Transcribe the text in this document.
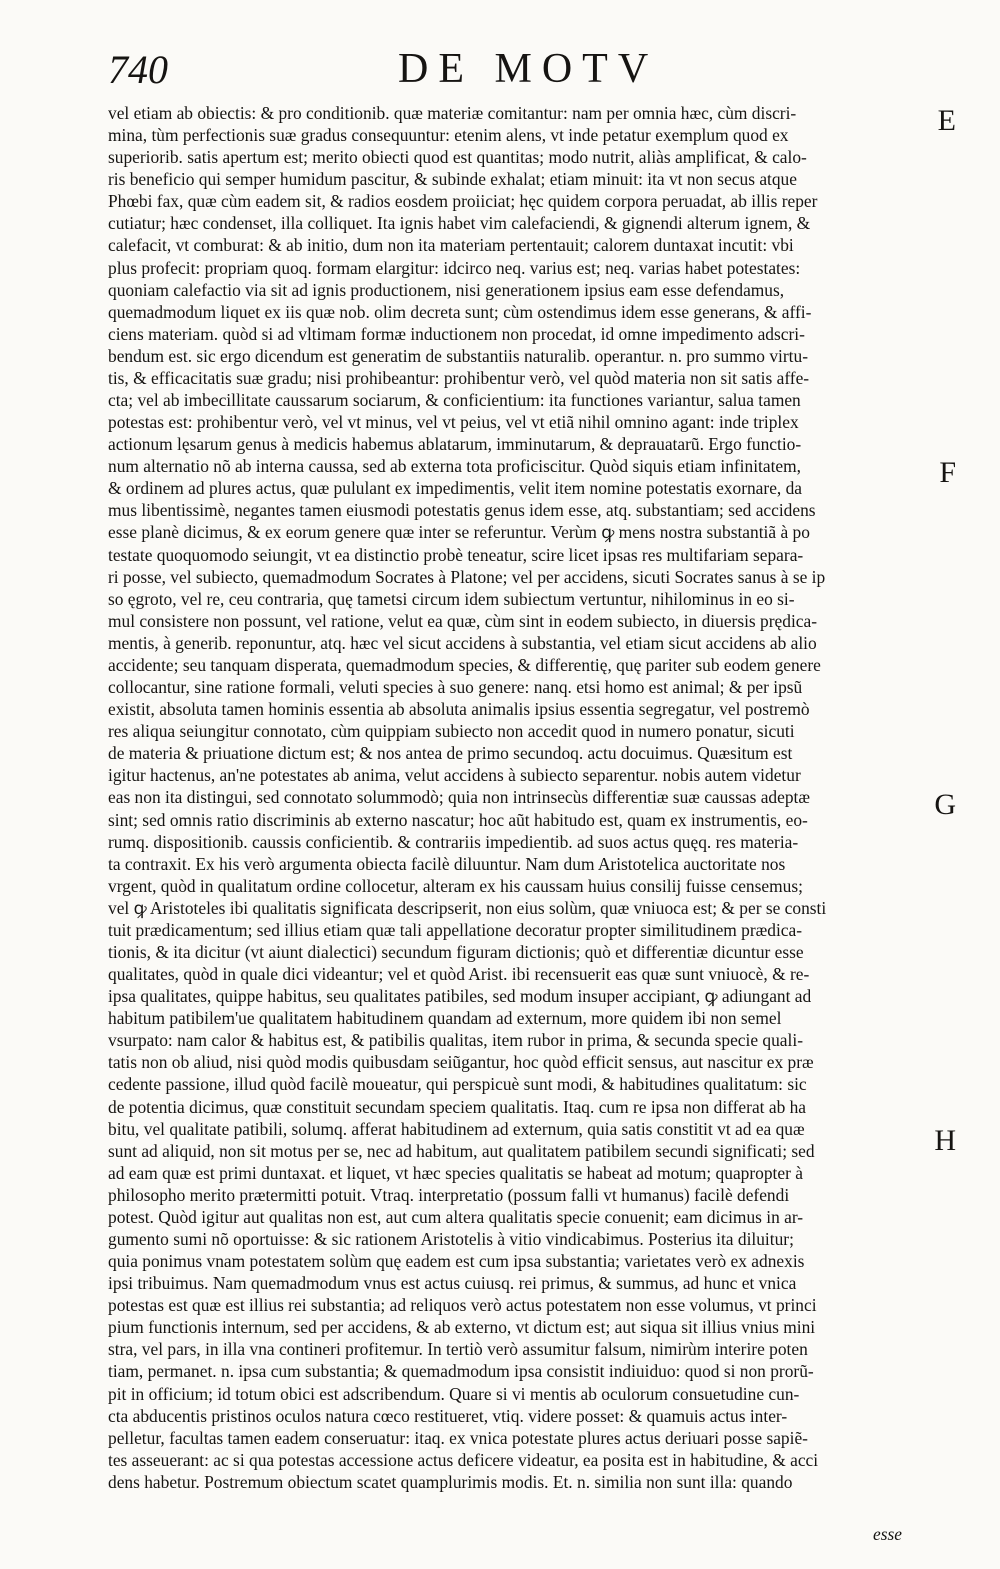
740	DE MOTV
vel etiam ab obiectis: & pro conditionib. quæ materiæ comitantur: nam per omnia hæc, cùm discri-
mina, tùm perfectionis suæ gradus consequuntur: etenim alens, vt inde petatur exemplum quod ex
superiorib. satis apertum est; merito obiecti quod est quantitas; modo nutrit, aliàs amplificat, & calo-
ris beneficio qui semper humidum pascitur, & subinde exhalat; etiam minuit: ita vt non secus atque
Phœbi fax, quæ cùm eadem sit, & radios eosdem proiiciat; hęc quidem corpora peruadat, ab illis reper
cutiatur; hæc condenset, illa colliquet. Ita ignis habet vim calefaciendi, & gignendi alterum ignem, &
calefacit, vt comburat: & ab initio, dum non ita materiam pertentauit; calorem duntaxat incutit: vbi
plus profecit: propriam quoq. formam elargitur: idcirco neq. varius est; neq. varias habet potestates:
quoniam calefactio via sit ad ignis productionem, nisi generationem ipsius eam esse defendamus,
quemadmodum liquet ex iis quæ nob. olim decreta sunt; cùm ostendimus idem esse generans, & affi-
ciens materiam. quòd si ad vltimam formæ inductionem non procedat, id omne impedimento adscri-
bendum est. sic ergo dicendum est generatim de substantiis naturalib. operantur. n. pro summo virtu-
tis, & efficacitatis suæ gradu; nisi prohibeantur: prohibentur verò, vel quòd materia non sit satis affe-
cta; vel ab imbecillitate caussarum sociarum, & conficientium: ita functiones variantur, salua tamen
potestas est: prohibentur verò, vel vt minus, vel vt peius, vel vt etiã nihil omnino agant: inde triplex
actionum lęsarum genus à medicis habemus ablatarum, imminutarum, & deprauatarũ. Ergo functio-
num alternatio nõ ab interna caussa, sed ab externa tota proficiscitur. Quòd siquis etiam infinitatem,
& ordinem ad plures actus, quæ pululant ex impedimentis, velit item nomine potestatis exornare, da
mus libentissimè, negantes tamen eiusmodi potestatis genus idem esse, atq. substantiam; sed accidens
esse planè dicimus, & ex eorum genere quæ inter se referuntur. Verùm ꝙ mens nostra substantiã à po
testate quoquomodo seiungit, vt ea distinctio probè teneatur, scire licet ipsas res multifariam separa-
ri posse, vel subiecto, quemadmodum Socrates à Platone; vel per accidens, sicuti Socrates sanus à se ip
so ęgroto, vel re, ceu contraria, quę tametsi circum idem subiectum vertuntur, nihilominus in eo si-
mul consistere non possunt, vel ratione, velut ea quæ, cùm sint in eodem subiecto, in diuersis prędica-
mentis, à generib. reponuntur, atq. hæc vel sicut accidens à substantia, vel etiam sicut accidens ab alio
accidente; seu tanquam disperata, quemadmodum species, & differentię, quę pariter sub eodem genere
collocantur, sine ratione formali, veluti species à suo genere: nanq. etsi homo est animal; & per ipsũ
existit, absoluta tamen hominis essentia ab absoluta animalis ipsius essentia segregatur, vel postremò
res aliqua seiungitur connotato, cùm quippiam subiecto non accedit quod in numero ponatur, sicuti
de materia & priuatione dictum est; & nos antea de primo secundoq. actu docuimus. Quæsitum est
igitur hactenus, an'ne potestates ab anima, velut accidens à subiecto separentur. nobis autem videtur
eas non ita distingui, sed connotato solummodò; quia non intrinsecùs differentiæ suæ caussas adeptæ
sint; sed omnis ratio discriminis ab externo nascatur; hoc aũt habitudo est, quam ex instrumentis, eo-
rumq. dispositionib. caussis conficientib. & contrariis impedientib. ad suos actus quęq. res materia-
ta contraxit. Ex his verò argumenta obiecta facilè diluuntur. Nam dum Aristotelica auctoritate nos
vrgent, quòd in qualitatum ordine collocetur, alteram ex his caussam huius consilij fuisse censemus;
vel ꝙ Aristoteles ibi qualitatis significata descripserit, non eius solùm, quæ vniuoca est; & per se consti
tuit prædicamentum; sed illius etiam quæ tali appellatione decoratur propter similitudinem prædica-
tionis, & ita dicitur (vt aiunt dialectici) secundum figuram dictionis; quò et differentiæ dicuntur esse
qualitates, quòd in quale dici videantur; vel et quòd Arist. ibi recensuerit eas quæ sunt vniuocè, & re-
ipsa qualitates, quippe habitus, seu qualitates patibiles, sed modum insuper accipiant, ꝙ adiungant ad
habitum patibilem'ue qualitatem habitudinem quandam ad externum, more quidem ibi non semel
vsurpato: nam calor & habitus est, & patibilis qualitas, item rubor in prima, & secunda specie quali-
tatis non ob aliud, nisi quòd modis quibusdam seiũgantur, hoc quòd efficit sensus, aut nascitur ex præ
cedente passione, illud quòd facilè moueatur, qui perspicuè sunt modi, & habitudines qualitatum: sic
de potentia dicimus, quæ constituit secundam speciem qualitatis. Itaq. cum re ipsa non differat ab ha
bitu, vel qualitate patibili, solumq. afferat habitudinem ad externum, quia satis constitit vt ad ea quæ
sunt ad aliquid, non sit motus per se, nec ad habitum, aut qualitatem patibilem secundi significati; sed
ad eam quæ est primi duntaxat. et liquet, vt hæc species qualitatis se habeat ad motum; quapropter à
philosopho merito prætermitti potuit. Vtraq. interpretatio (possum falli vt humanus) facilè defendi
potest. Quòd igitur aut qualitas non est, aut cum altera qualitatis specie conuenit; eam dicimus in ar-
gumento sumi nõ oportuisse: & sic rationem Aristotelis à vitio vindicabimus. Posterius ita diluitur;
quia ponimus vnam potestatem solùm quę eadem est cum ipsa substantia; varietates verò ex adnexis
ipsi tribuimus. Nam quemadmodum vnus est actus cuiusq. rei primus, & summus, ad hunc et vnica
potestas est quæ est illius rei substantia; ad reliquos verò actus potestatem non esse volumus, vt princi
pium functionis internum, sed per accidens, & ab externo, vt dictum est; aut siqua sit illius vnius mini
stra, vel pars, in illa vna contineri profitemur. In tertiò verò assumitur falsum, nimirùm interire poten
tiam, permanet. n. ipsa cum substantia; & quemadmodum ipsa consistit indiuiduo: quod si non prorũ-
pit in officium; id totum obici est adscribendum. Quare si vi mentis ab oculorum consuetudine cun-
cta abducentis pristinos oculos natura cœco restitueret, vtiq. videre posset: & quamuis actus inter-
pelletur, facultas tamen eadem conseruatur: itaq. ex vnica potestate plures actus deriuari posse sapiẽ-
tes asseuerant: ac si qua potestas accessione actus deficere videatur, ea posita est in habitudine, & acci
dens habetur. Postremum obiectum scatet quamplurimis modis. Et. n. similia non sunt illa: quando
E
F
G
H
esse
